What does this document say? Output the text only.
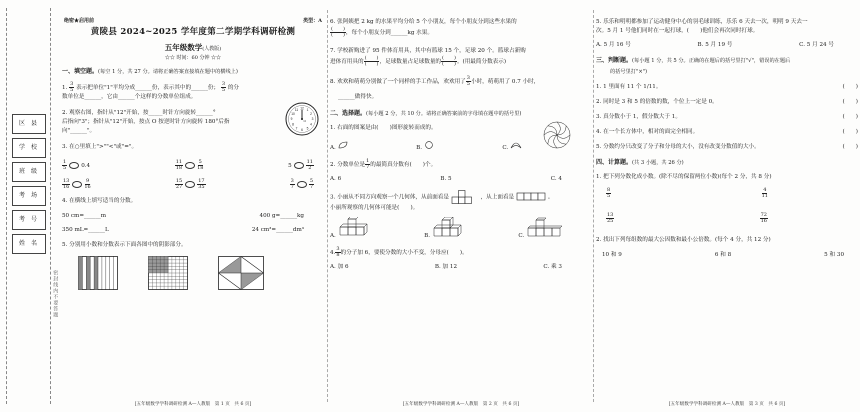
区 县
学 校
班 级
考 场
考 号
姓 名
密封线内不要答题
绝密★启用前	类型：A
黄陵县 2024~2025 学年度第二学期学科调研检测
五年级数学(人教版)
☆☆ 时间：60 分钟 ☆☆
一、填空题。(每空 1 分，共 27 分。请将正确答案直接填在题中的横线上)
1. $\frac{3}{5}$ 表示把单位"1"平均分成______份，表示其中的______份； $\frac{3}{5}$ 的分
数单位是______，它由______个这样的分数单位组成。
2. 观察右图，指针从"12"开始，按_____时针方向旋转______°
后指向"3"；指针从"12"开始，按点 O 按逆时针方向旋转 180°后指
向"______"。
12 1
2
3
4
5
6
7
8
9
10
11
O
3. 在○里填上">""<"或"="。
$\frac{1}{5}$	0.4	$\frac{11}{18}$	$\frac{5}{18}$	5	$\frac{11}{2}$
$\frac{13}{16}$	$\frac{9}{16}$	$\frac{15}{27}$	$\frac{17}{35}$	$\frac{3}{7}$	$\frac{5}{7}$
4. 在横线上填写适当的分数。
50 cm=______m	400 g=______kg
350 mL=______L	24 cm³=______dm³
5. 分别用小数和分数表示下面各图中的阴影部分。
[五年级数学学科调研检测 A—人教版　第 1 页　共 6 页]
6. 张阿姨把 2 kg 的水果平均分给 5 个小朋友，每个小朋友分到这些水果的
$\frac{( )}{( )}$ ，每个小朋友分到______kg 水果。
7. 学校新购进了 95 件体育用具，其中有篮球 15 个，足球 20 个。篮球占新购
进体育用具的 $\frac{( )}{( )}$ ，足球数量占足球数量的 $\frac{( )}{( )}$ 。(用最简分数表示)
8. 欢欢和萌萌分别做了一个同样的手工作品，欢欢用了 $\frac{3}{5}$ 小时，萌萌用了 0.7 小时，
______做得快。
二、选择题。(每小题 2 分，共 10 分。请将正确答案前的字母填在题中的括号里)
1. 右面的图案是由(　　)图形旋转而成的。
A.	B.	C.
2. 分数单位是 $\frac{1}{7}$ 的最简真分数有(　　)个。
A. 6	B. 5	C. 4
3. 小丽从不同方向观察一个几何体，从前面看是	，从上面看是	。
小丽所观察的几何体可能是(　　)。
A.	B.	C.
4. $\frac{3}{8}$ 的分子加 6，要使分数的大小不变，分母应(　　)。
A. 加 6	B. 加 12	C. 乘 3
[五年级数学学科调研检测 A—人教版　第 2 页　共 6 页]
5. 乐乐和明明都参加了运动健身中心的羽毛球训练，乐乐 6 天去一次，明明 9 天去一
次。5 月 1 号他们同时在一起打球，(　　)他们会再次同时打球。
A. 5 月 16 号	B. 5 月 19 号	C. 5 月 24 号
三、判断题。(每小题 1 分，共 5 分。正确的在题后的括号里打"√"，错误的在题后
的括号里打"×")
1. 1 里面有 11 个 1/11。	(　　)
2. 同时是 3 和 5 的倍数的数，个位上一定是 0。	(　　)
3. 真分数小于 1，假分数大于 1。	(　　)
4. 在一个长方体中，相对的面完全相同。	(　　)
5. 分数约分只改变了分子和分母的大小，没有改变分数值的大小。	(　　)
四、计算题。(共 3 小题，共 26 分)
1. 把下列分数化成小数。(除不尽的保留两位小数)(每个 2 分，共 8 分)
$\frac{8}{5}$	$\frac{4}{11}$
$\frac{13}{25}$	$\frac{72}{16}$
2. 找出下列每组数的最大公因数和最小公倍数。(每个 4 分，共 12 分)
10 和 9	6 和 8	5 和 30
[五年级数学学科调研检测 A—人教版　第 3 页　共 6 页]
